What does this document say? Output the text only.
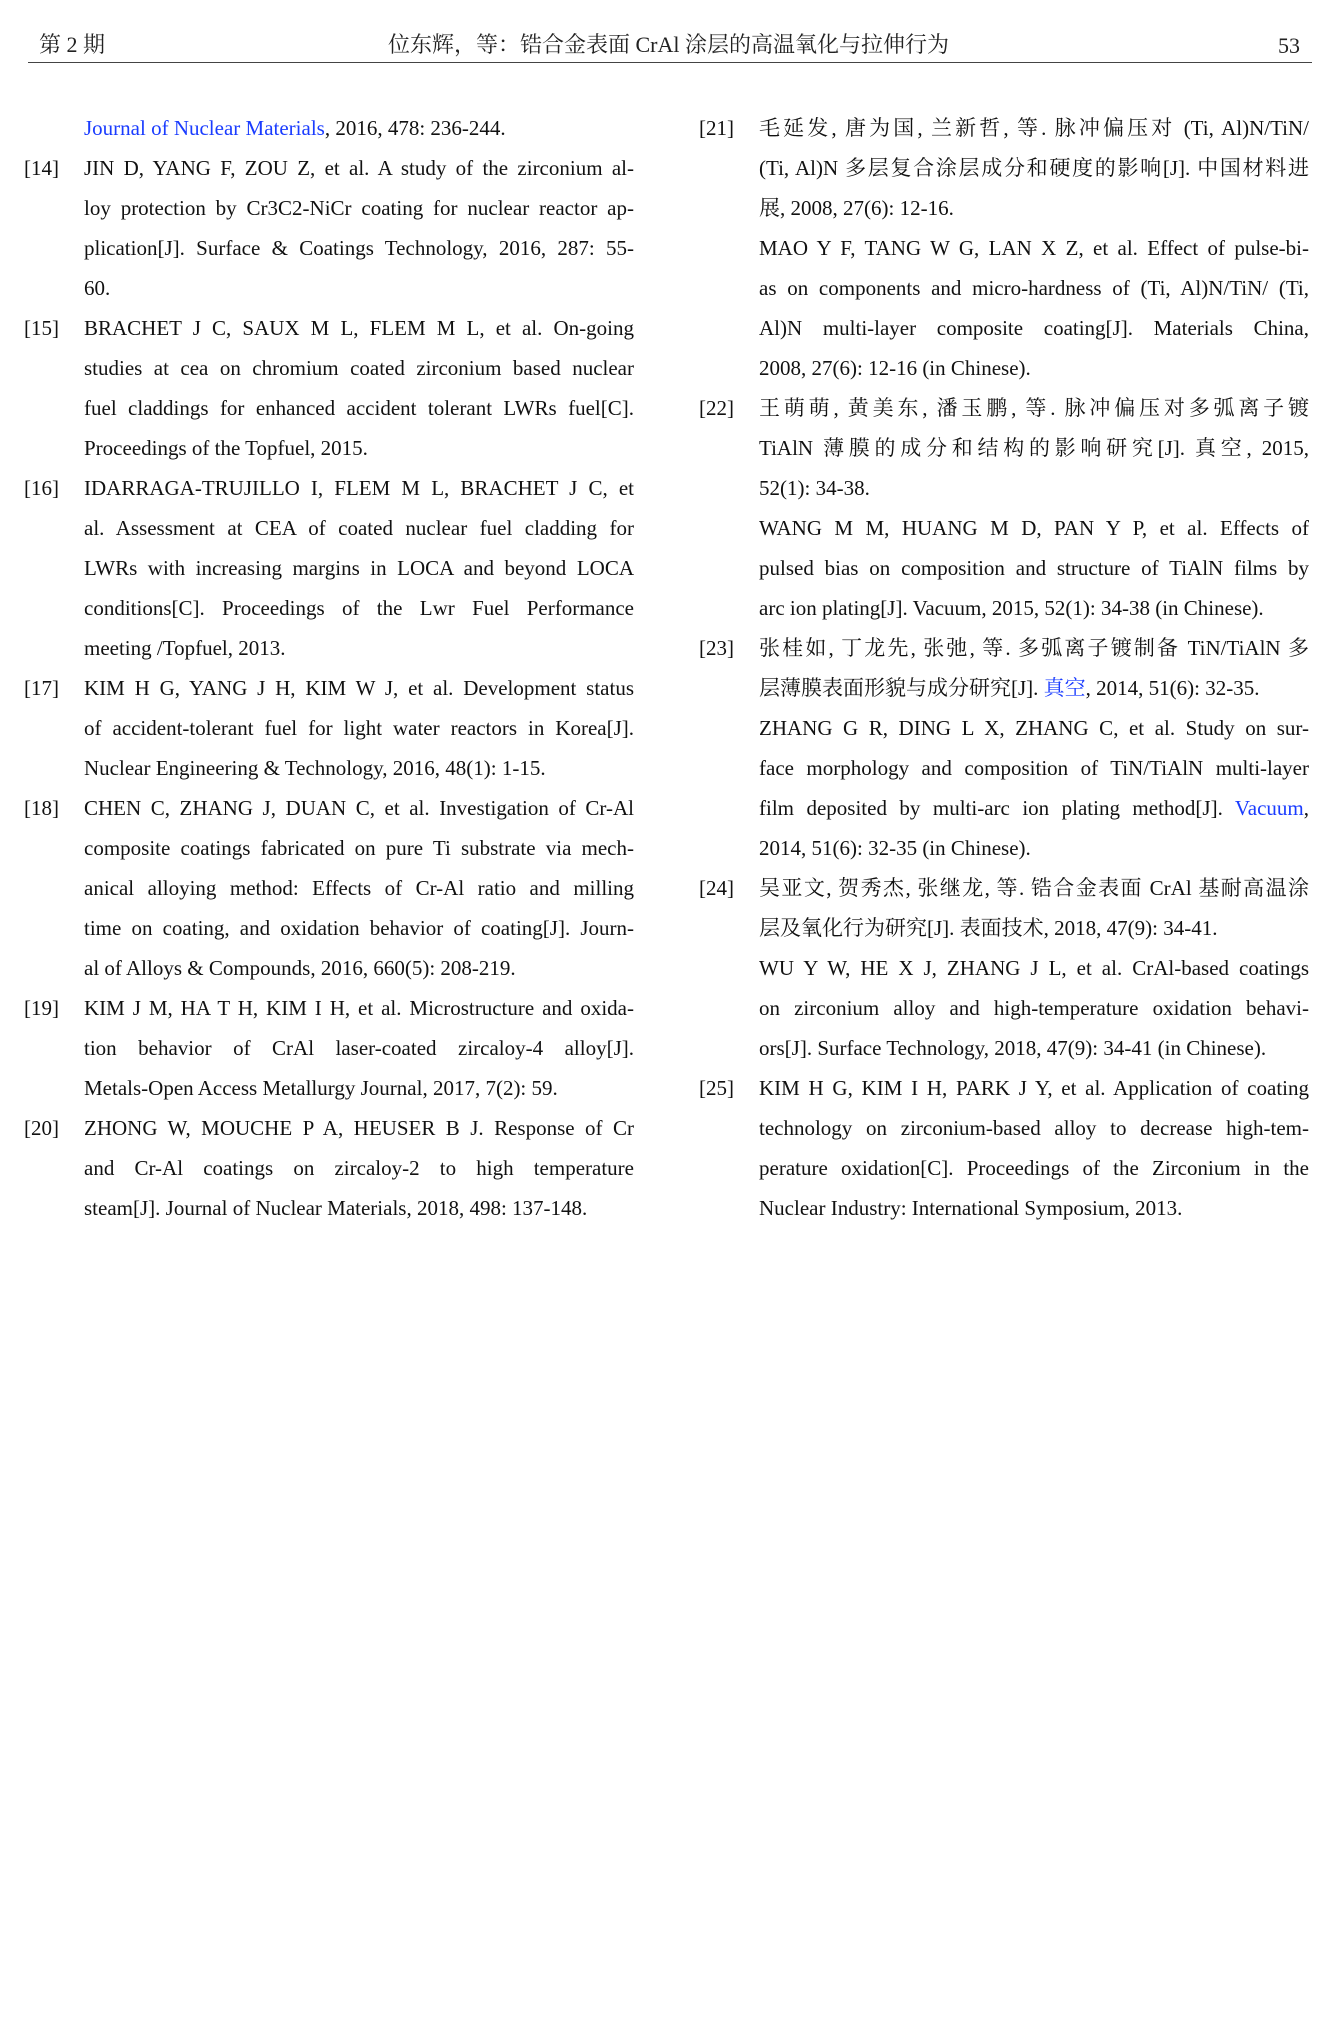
第 2 期	位东辉，等：锆合金表面 CrAl 涂层的高温氧化与拉伸行为	53
Journal of Nuclear Materials, 2016, 478: 236-244.
[14]	JIN D, YANG F, ZOU Z, et al. A study of the zirconium al-
loy protection by Cr3C2-NiCr coating for nuclear reactor ap-
plication[J]. Surface & Coatings Technology, 2016, 287: 55-
60.
[15]	BRACHET J C, SAUX M L, FLEM M L, et al. On-going
studies at cea on chromium coated zirconium based nuclear
fuel claddings for enhanced accident tolerant LWRs fuel[C].
Proceedings of the Topfuel, 2015.
[16]	IDARRAGA-TRUJILLO I, FLEM M L, BRACHET J C, et
al. Assessment at CEA of coated nuclear fuel cladding for
LWRs with increasing margins in LOCA and beyond LOCA
conditions[C]. Proceedings of the Lwr Fuel Performance
meeting /Topfuel, 2013.
[17]	KIM H G, YANG J H, KIM W J, et al. Development status
of accident-tolerant fuel for light water reactors in Korea[J].
Nuclear Engineering & Technology, 2016, 48(1): 1-15.
[18]	CHEN C, ZHANG J, DUAN C, et al. Investigation of Cr-Al
composite coatings fabricated on pure Ti substrate via mech-
anical alloying method: Effects of Cr-Al ratio and milling
time on coating, and oxidation behavior of coating[J]. Journ-
al of Alloys & Compounds, 2016, 660(5): 208-219.
[19]	KIM J M, HA T H, KIM I H, et al. Microstructure and oxida-
tion behavior of CrAl laser-coated zircaloy-4 alloy[J].
Metals-Open Access Metallurgy Journal, 2017, 7(2): 59.
[20]	ZHONG W, MOUCHE P A, HEUSER B J. Response of Cr
and Cr-Al coatings on zircaloy-2 to high temperature
steam[J]. Journal of Nuclear Materials, 2018, 498: 137-148.
[21]	毛延发, 唐为国, 兰新哲, 等. 脉冲偏压对 (Ti, Al)N/TiN/
(Ti, Al)N 多层复合涂层成分和硬度的影响[J]. 中国材料进
展, 2008, 27(6): 12-16.
MAO Y F, TANG W G, LAN X Z, et al. Effect of pulse-bi-
as on components and micro-hardness of (Ti, Al)N/TiN/ (Ti,
Al)N multi-layer composite coating[J]. Materials China,
2008, 27(6): 12-16 (in Chinese).
[22]	王萌萌, 黄美东, 潘玉鹏, 等. 脉冲偏压对多弧离子镀
TiAlN 薄膜的成分和结构的影响研究[J]. 真空, 2015,
52(1): 34-38.
WANG M M, HUANG M D, PAN Y P, et al. Effects of
pulsed bias on composition and structure of TiAlN films by
arc ion plating[J]. Vacuum, 2015, 52(1): 34-38 (in Chinese).
[23]	张桂如, 丁龙先, 张弛, 等. 多弧离子镀制备 TiN/TiAlN 多
层薄膜表面形貌与成分研究[J]. 真空, 2014, 51(6): 32-35.
ZHANG G R, DING L X, ZHANG C, et al. Study on sur-
face morphology and composition of TiN/TiAlN multi-layer
film deposited by multi-arc ion plating method[J]. Vacuum,
2014, 51(6): 32-35 (in Chinese).
[24]	吴亚文, 贺秀杰, 张继龙, 等. 锆合金表面 CrAl 基耐高温涂
层及氧化行为研究[J]. 表面技术, 2018, 47(9): 34-41.
WU Y W, HE X J, ZHANG J L, et al. CrAl-based coatings
on zirconium alloy and high-temperature oxidation behavi-
ors[J]. Surface Technology, 2018, 47(9): 34-41 (in Chinese).
[25]	KIM H G, KIM I H, PARK J Y, et al. Application of coating
technology on zirconium-based alloy to decrease high-tem-
perature oxidation[C]. Proceedings of the Zirconium in the
Nuclear Industry: International Symposium, 2013.
